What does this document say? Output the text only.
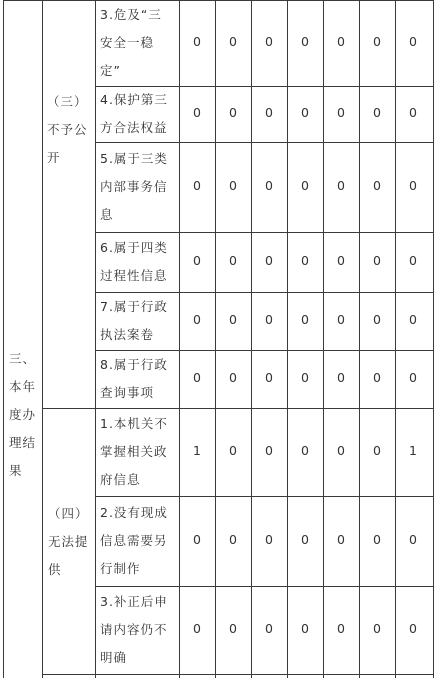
三、
本年
度办
理结
果
（三）
不予公
开
3.危及“三
安全一稳
定”
0	0	0	0	0	0	0
4.保护第三
方合法权益
0	0	0	0	0	0	0
5.属于三类
内部事务信
息
0	0	0	0	0	0	0
6.属于四类
过程性信息
0	0	0	0	0	0	0
7.属于行政
执法案卷
0	0	0	0	0	0	0
8.属于行政
查询事项
0	0	0	0	0	0	0
（四）
无法提
供
1.本机关不
掌握相关政
府信息
1	0	0	0	0	0	1
2.没有现成
信息需要另
行制作
0	0	0	0	0	0	0
3.补正后申
请内容仍不
明确
0	0	0	0	0	0	0
